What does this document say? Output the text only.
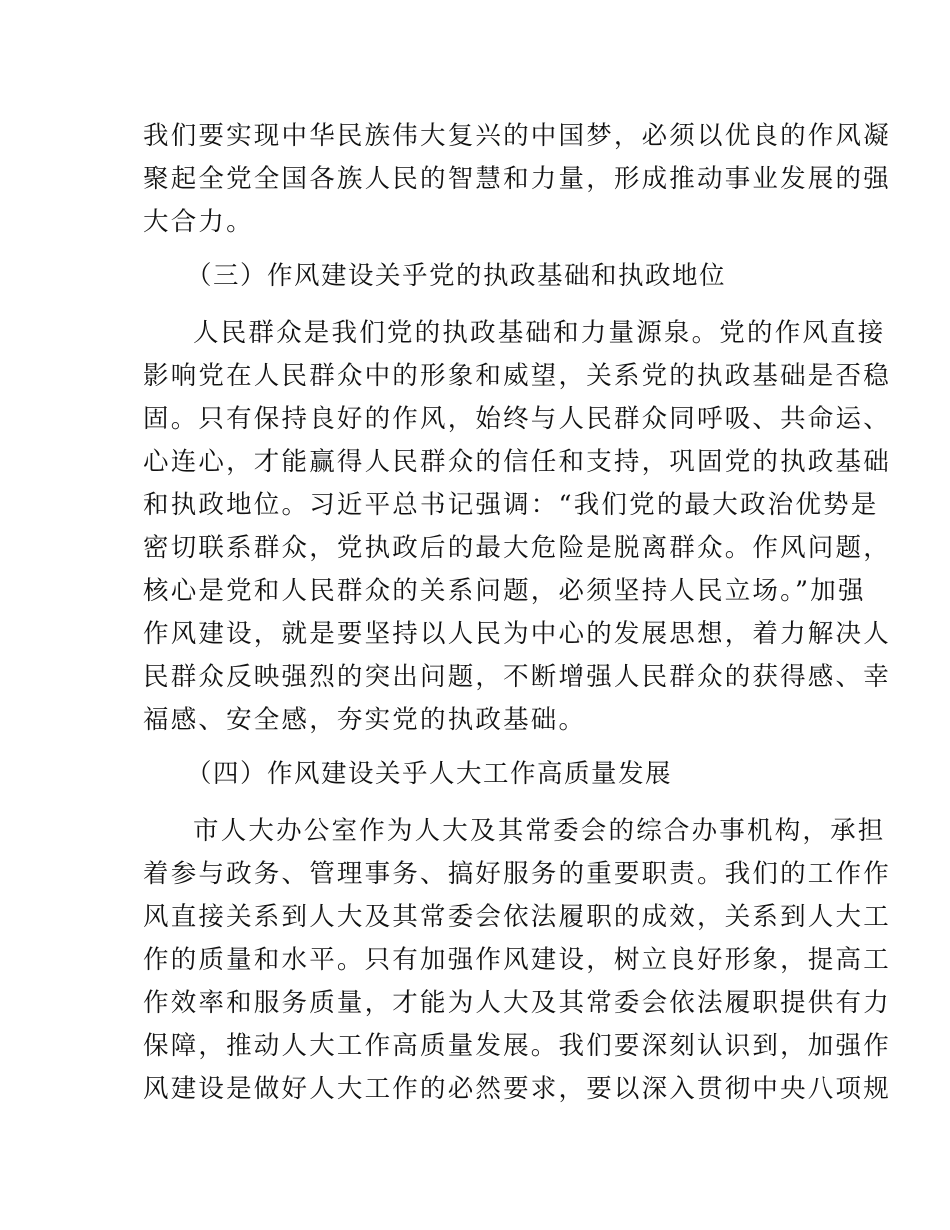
我们要实现中华民族伟大复兴的中国梦，必须以优良的作风凝
聚起全党全国各族人民的智慧和力量，形成推动事业发展的强
大合力。
（三）作风建设关乎党的执政基础和执政地位
人民群众是我们党的执政基础和力量源泉。党的作风直接
影响党在人民群众中的形象和威望，关系党的执政基础是否稳
固。只有保持良好的作风，始终与人民群众同呼吸、共命运、
心连心，才能赢得人民群众的信任和支持，巩固党的执政基础
和执政地位。习近平总书记强调：“我们党的最大政治优势是
密切联系群众，党执政后的最大危险是脱离群众。作风问题，
核心是党和人民群众的关系问题，必须坚持人民立场。”加强
作风建设，就是要坚持以人民为中心的发展思想，着力解决人
民群众反映强烈的突出问题，不断增强人民群众的获得感、幸
福感、安全感，夯实党的执政基础。
（四）作风建设关乎人大工作高质量发展
市人大办公室作为人大及其常委会的综合办事机构，承担
着参与政务、管理事务、搞好服务的重要职责。我们的工作作
风直接关系到人大及其常委会依法履职的成效，关系到人大工
作的质量和水平。只有加强作风建设，树立良好形象，提高工
作效率和服务质量，才能为人大及其常委会依法履职提供有力
保障，推动人大工作高质量发展。我们要深刻认识到，加强作
风建设是做好人大工作的必然要求，要以深入贯彻中央八项规
